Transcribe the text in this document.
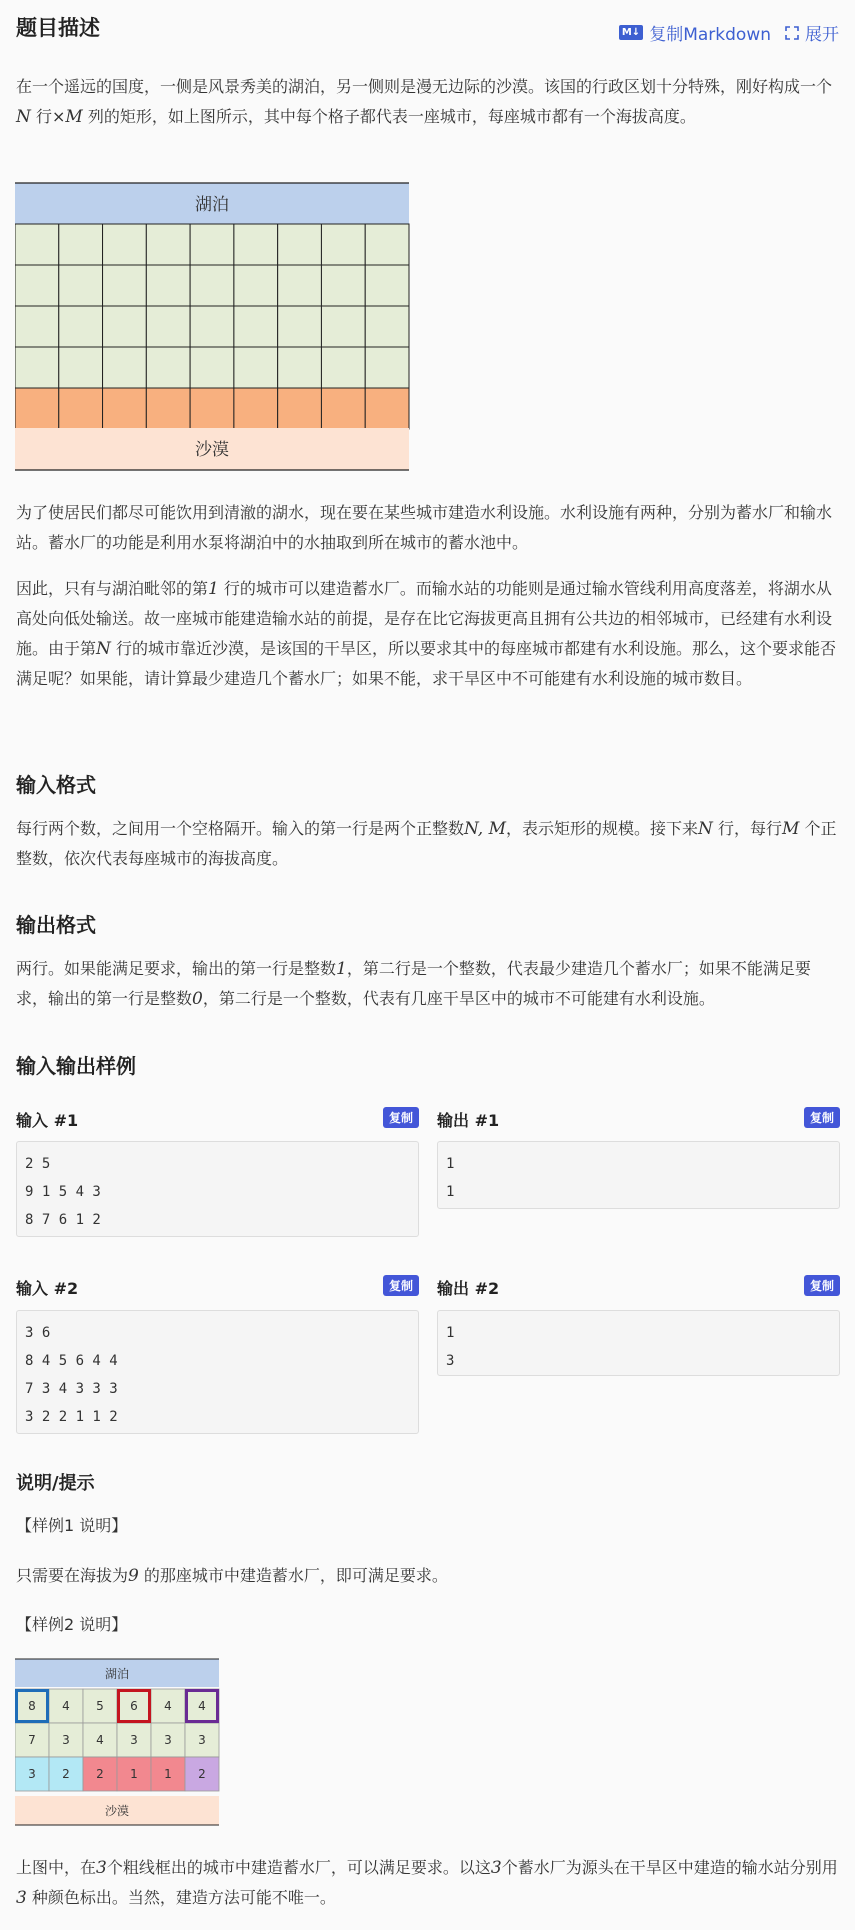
题目描述	M↓ 复制Markdown 展开

在一个遥远的国度，一侧是风景秀美的湖泊，另一侧则是漫无边际的沙漠。该国的行政区划十分特殊，刚好构成一个N 行×M 列的矩形，如上图所示，其中每个格子都代表一座城市，每座城市都有一个海拔高度。

湖泊
沙漠

为了使居民们都尽可能饮用到清澈的湖水，现在要在某些城市建造水利设施。水利设施有两种，分别为蓄水厂和输水站。蓄水厂的功能是利用水泵将湖泊中的水抽取到所在城市的蓄水池中。

因此，只有与湖泊毗邻的第1 行的城市可以建造蓄水厂。而输水站的功能则是通过输水管线利用高度落差，将湖水从高处向低处输送。故一座城市能建造输水站的前提，是存在比它海拔更高且拥有公共边的相邻城市，已经建有水利设施。由于第N 行的城市靠近沙漠，是该国的干旱区，所以要求其中的每座城市都建有水利设施。那么，这个要求能否满足呢？如果能，请计算最少建造几个蓄水厂；如果不能，求干旱区中不可能建有水利设施的城市数目。

输入格式

每行两个数，之间用一个空格隔开。输入的第一行是两个正整数N, M，表示矩形的规模。接下来N 行，每行M 个正整数，依次代表每座城市的海拔高度。

输出格式

两行。如果能满足要求，输出的第一行是整数1，第二行是一个整数，代表最少建造几个蓄水厂；如果不能满足要求，输出的第一行是整数0，第二行是一个整数，代表有几座干旱区中的城市不可能建有水利设施。

输入输出样例
输入 #1	复制
2 5
9 1 5 4 3
8 7 6 1 2
输出 #1	复制
1
1
输入 #2	复制
3 6
8 4 5 6 4 4
7 3 4 3 3 3
3 2 2 1 1 2
输出 #2	复制
1
3
说明/提示

【样例1 说明】

只需要在海拔为9 的那座城市中建造蓄水厂，即可满足要求。

【样例2 说明】

湖泊
8 4 5 6 4 4
7 3 4 3 3 3
3 2 2 1 1 2
沙漠

上图中，在3个粗线框出的城市中建造蓄水厂，可以满足要求。以这3个蓄水厂为源头在干旱区中建造的输水站分别用3 种颜色标出。当然，建造方法可能不唯一。
